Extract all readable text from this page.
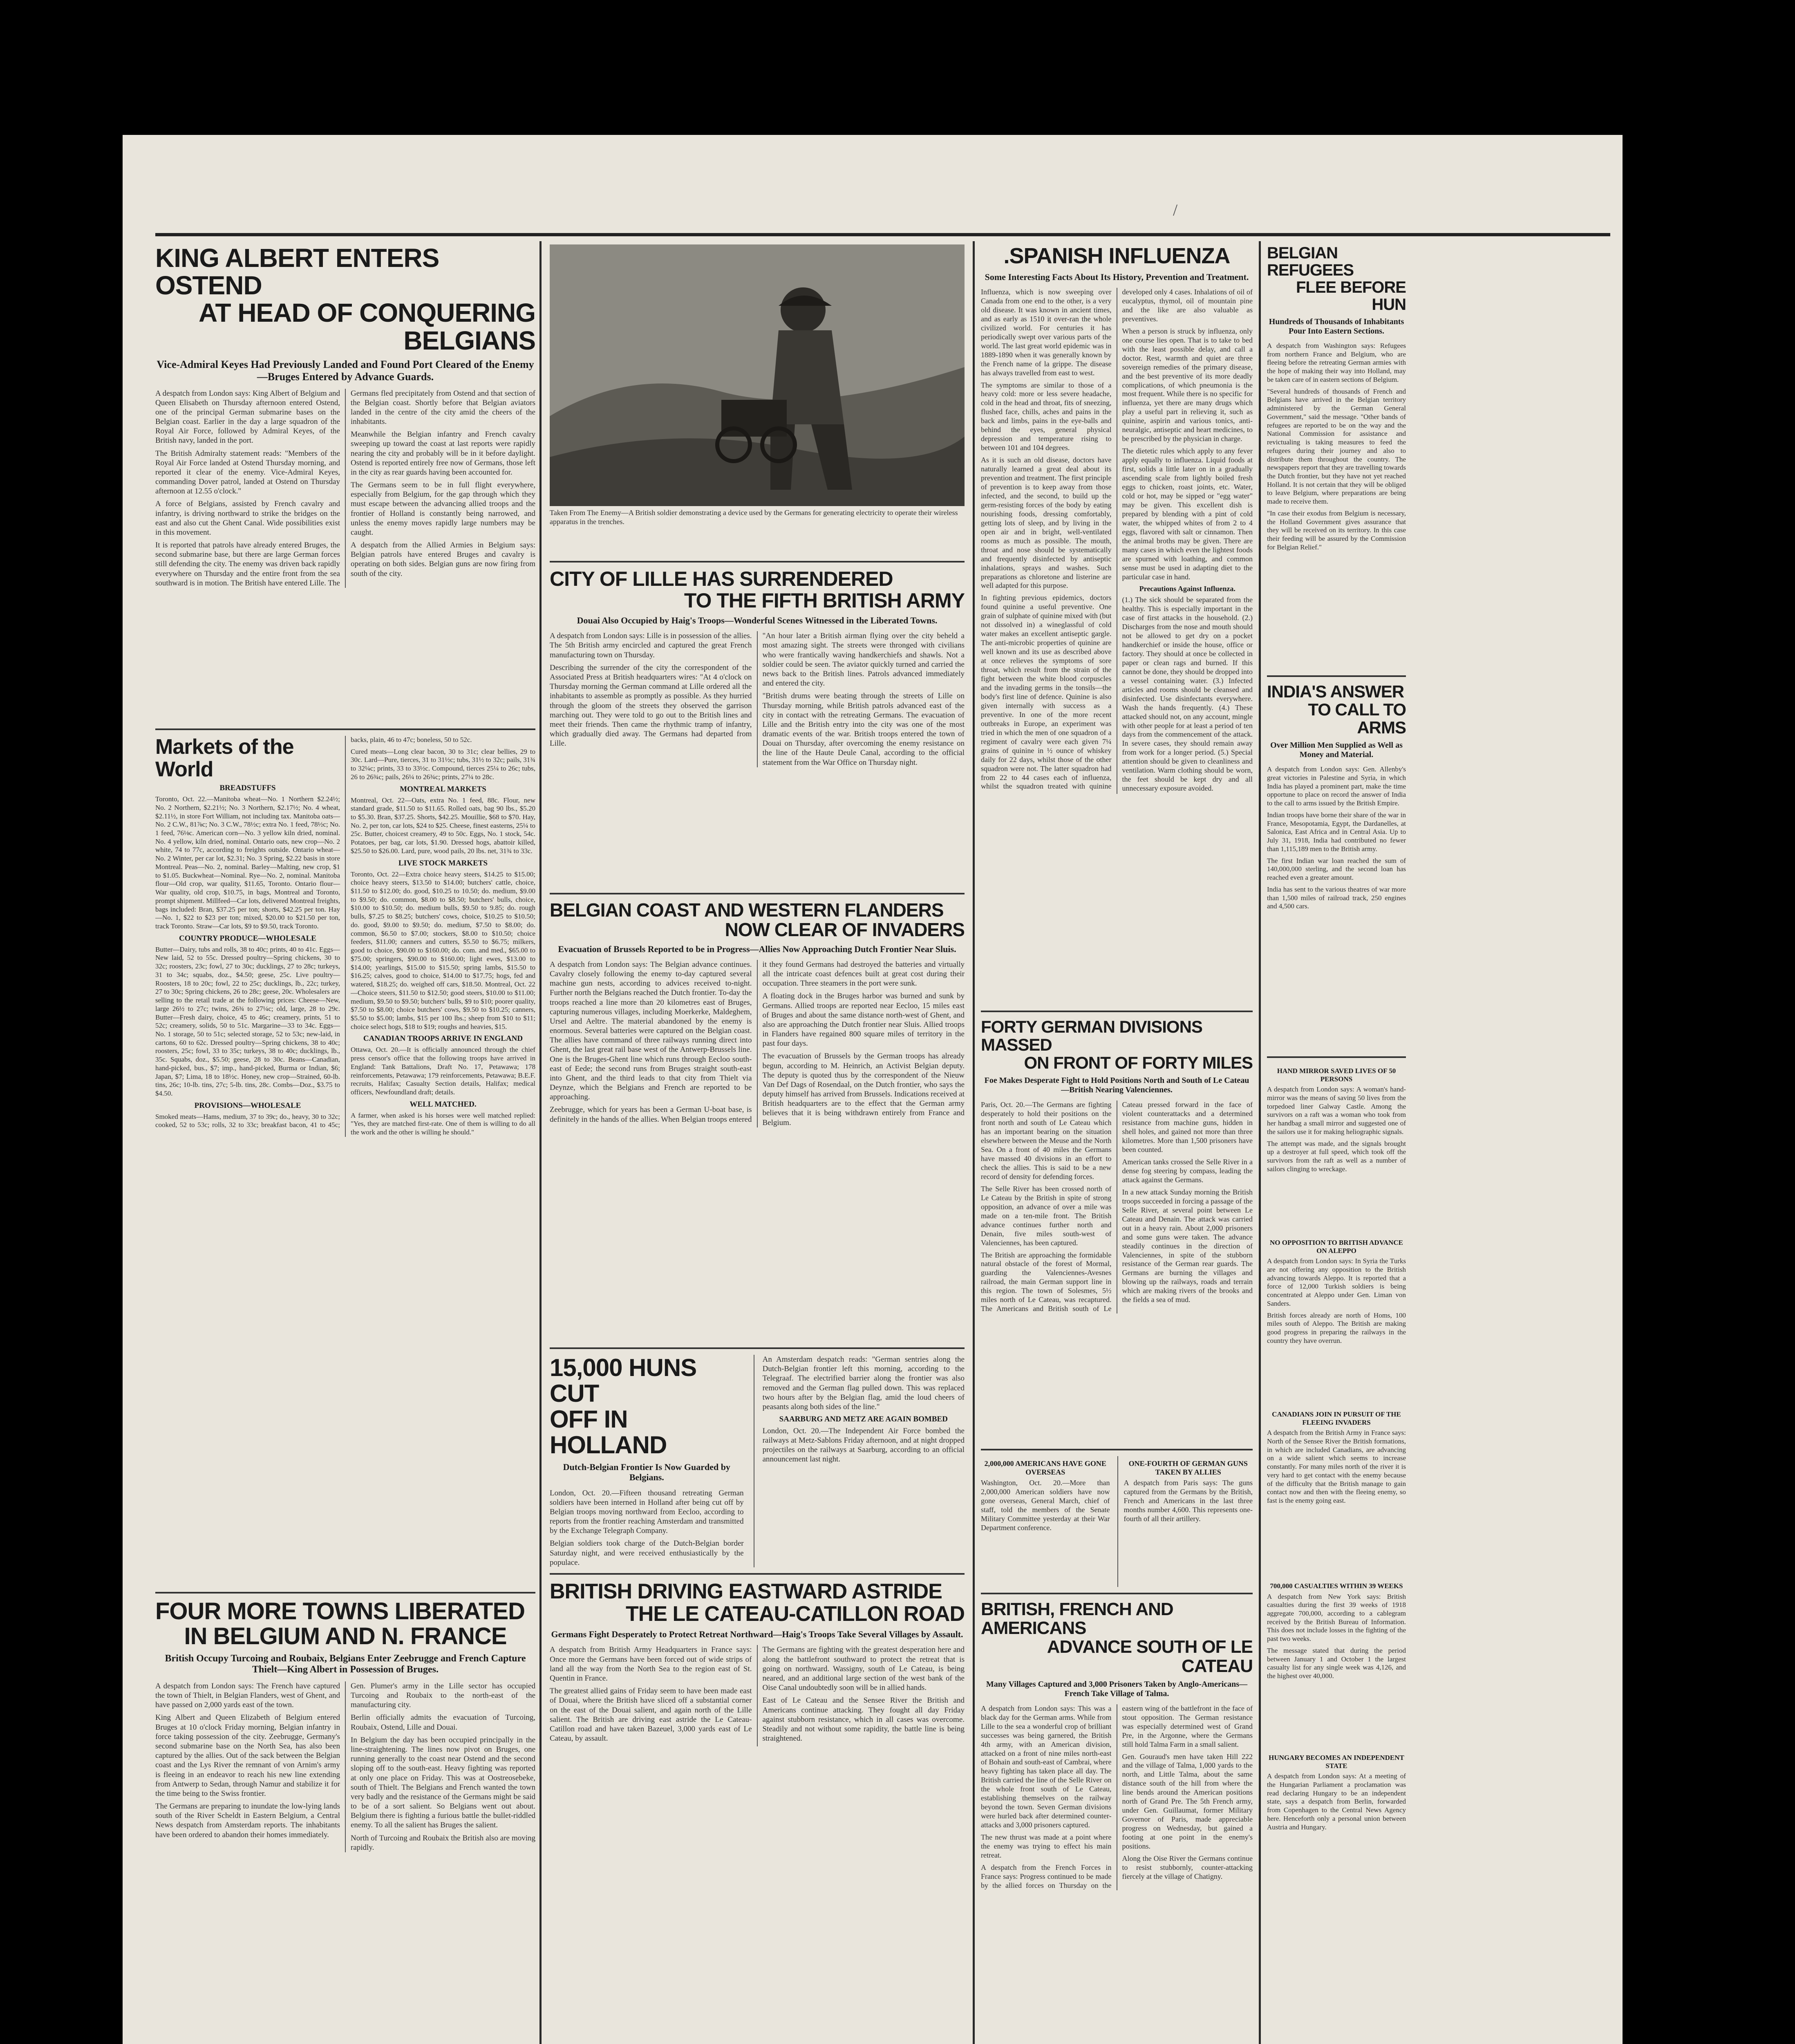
/
KING ALBERT ENTERS OSTEND
AT HEAD OF CONQUERING BELGIANS

Vice-Admiral Keyes Had Previously Landed and Found Port Cleared of the Enemy—Bruges Entered by Advance Guards.

A despatch from London says: King Albert of Belgium and Queen Elisabeth on Thursday afternoon entered Ostend, one of the principal German submarine bases on the Belgian coast. Earlier in the day a large squadron of the Royal Air Force, followed by Admiral Keyes, of the British navy, landed in the port.

The British Admiralty statement reads: "Members of the Royal Air Force landed at Ostend Thursday morning, and reported it clear of the enemy. Vice-Admiral Keyes, commanding Dover patrol, landed at Ostend on Thursday afternoon at 12.55 o'clock."

A force of Belgians, assisted by French cavalry and infantry, is driving northward to strike the bridges on the east and also cut the Ghent Canal. Wide possibilities exist in this movement.

It is reported that patrols have already entered Bruges, the second submarine base, but there are large German forces still defending the city. The enemy was driven back rapidly everywhere on Thursday and the entire front from the sea southward is in motion. The British have entered Lille. The Germans fled precipitately from Ostend and that section of the Belgian coast. Shortly before that Belgian aviators landed in the centre of the city amid the cheers of the inhabitants.

Meanwhile the Belgian infantry and French cavalry sweeping up toward the coast at last reports were rapidly nearing the city and probably will be in it before daylight. Ostend is reported entirely free now of Germans, those left in the city as rear guards having been accounted for.

The Germans seem to be in full flight everywhere, especially from Belgium, for the gap through which they must escape between the advancing allied troops and the frontier of Holland is constantly being narrowed, and unless the enemy moves rapidly large numbers may be caught.

A despatch from the Allied Armies in Belgium says: Belgian patrols have entered Bruges and cavalry is operating on both sides. Belgian guns are now firing from south of the city.

Markets of the World

BREADSTUFFS

Toronto, Oct. 22.—Manitoba wheat—No. 1 Northern $2.24½; No. 2 Northern, $2.21½; No. 3 Northern, $2.17½; No. 4 wheat, $2.11½, in store Fort William, not including tax. Manitoba oats—No. 2 C.W., 81⅞c; No. 3 C.W., 78½c; extra No. 1 feed, 78½c; No. 1 feed, 76⅛c. American corn—No. 3 yellow kiln dried, nominal. No. 4 yellow, kiln dried, nominal. Ontario oats, new crop—No. 2 white, 74 to 77c, according to freights outside. Ontario wheat—No. 2 Winter, per car lot, $2.31; No. 3 Spring, $2.22 basis in store Montreal. Peas—No. 2, nominal. Barley—Malting, new crop, $1 to $1.05. Buckwheat—Nominal. Rye—No. 2, nominal. Manitoba flour—Old crop, war quality, $11.65, Toronto. Ontario flour—War quality, old crop, $10.75, in bags, Montreal and Toronto, prompt shipment. Millfeed—Car lots, delivered Montreal freights, bags included: Bran, $37.25 per ton; shorts, $42.25 per ton. Hay—No. 1, $22 to $23 per ton; mixed, $20.00 to $21.50 per ton, track Toronto. Straw—Car lots, $9 to $9.50, track Toronto.

COUNTRY PRODUCE—WHOLESALE

Butter—Dairy, tubs and rolls, 38 to 40c; prints, 40 to 41c. Eggs—New laid, 52 to 55c. Dressed poultry—Spring chickens, 30 to 32c; roosters, 23c; fowl, 27 to 30c; ducklings, 27 to 28c; turkeys, 31 to 34c; squabs, doz., $4.50; geese, 25c. Live poultry—Roosters, 18 to 20c; fowl, 22 to 25c; ducklings, lb., 22c; turkey, 27 to 30c; Spring chickens, 26 to 28c; geese, 20c. Wholesalers are selling to the retail trade at the following prices: Cheese—New, large 26½ to 27c; twins, 26¾ to 27¼c; old, large, 28 to 29c. Butter—Fresh dairy, choice, 45 to 46c; creamery, prints, 51 to 52c; creamery, solids, 50 to 51c. Margarine—33 to 34c. Eggs—No. 1 storage, 50 to 51c; selected storage, 52 to 53c; new-laid, in cartons, 60 to 62c. Dressed poultry—Spring chickens, 38 to 40c; roosters, 25c; fowl, 33 to 35c; turkeys, 38 to 40c; ducklings, lb., 35c. Squabs, doz., $5.50; geese, 28 to 30c. Beans—Canadian, hand-picked, bus., $7; imp., hand-picked, Burma or Indian, $6; Japan, $7; Lima, 18 to 18½c. Honey, new crop—Strained, 60-lb. tins, 26c; 10-lb. tins, 27c; 5-lb. tins, 28c. Combs—Doz., $3.75 to $4.50.

PROVISIONS—WHOLESALE

Smoked meats—Hams, medium, 37 to 39c; do., heavy, 30 to 32c; cooked, 52 to 53c; rolls, 32 to 33c; breakfast bacon, 41 to 45c; backs, plain, 46 to 47c; boneless, 50 to 52c.

Cured meats—Long clear bacon, 30 to 31c; clear bellies, 29 to 30c. Lard—Pure, tierces, 31 to 31½c; tubs, 31½ to 32c; pails, 31¾ to 32¼c; prints, 33 to 33½c. Compound, tierces 25¼ to 26c; tubs, 26 to 26¾c; pails, 26¼ to 26¾c; prints, 27¼ to 28c.

MONTREAL MARKETS

Montreal, Oct. 22—Oats, extra No. 1 feed, 88c. Flour, new standard grade, $11.50 to $11.65. Rolled oats, bag 90 lbs., $5.20 to $5.30. Bran, $37.25. Shorts, $42.25. Mouillie, $68 to $70. Hay, No. 2, per ton, car lots, $24 to $25. Cheese, finest easterns, 25¼ to 25c. Butter, choicest creamery, 49 to 50c. Eggs, No. 1 stock, 54c. Potatoes, per bag, car lots, $1.90. Dressed hogs, abattoir killed, $25.50 to $26.00. Lard, pure, wood pails, 20 lbs. net, 31¾ to 33c.

LIVE STOCK MARKETS

Toronto, Oct. 22—Extra choice heavy steers, $14.25 to $15.00; choice heavy steers, $13.50 to $14.00; butchers' cattle, choice, $11.50 to $12.00; do. good, $10.25 to 10.50; do. medium, $9.00 to $9.50; do. common, $8.00 to $8.50; butchers' bulls, choice, $10.00 to $10.50; do. medium bulls, $9.50 to 9.85; do. rough bulls, $7.25 to $8.25; butchers' cows, choice, $10.25 to $10.50; do. good, $9.00 to $9.50; do. medium, $7.50 to $8.00; do. common, $6.50 to $7.00; stockers, $8.00 to $10.50; choice feeders, $11.00; canners and cutters, $5.50 to $6.75; milkers, good to choice, $90.00 to $160.00; do. com. and med., $65.00 to $75.00; springers, $90.00 to $160.00; light ewes, $13.00 to $14.00; yearlings, $15.00 to $15.50; spring lambs, $15.50 to $16.25; calves, good to choice, $14.00 to $17.75; hogs, fed and watered, $18.25; do. weighed off cars, $18.50. Montreal, Oct. 22—Choice steers, $11.50 to $12.50; good steers, $10.00 to $11.00; medium, $9.50 to $9.50; butchers' bulls, $9 to $10; poorer quality, $7.50 to $8.00; choice butchers' cows, $9.50 to $10.25; canners, $5.50 to $5.00; lambs, $15 per 100 lbs.; sheep from $10 to $11; choice select hogs, $18 to $19; roughs and heavies, $15.

CANADIAN TROOPS ARRIVE IN ENGLAND

Ottawa, Oct. 20.—It is officially announced through the chief press censor's office that the following troops have arrived in England: Tank Battalions, Draft No. 17, Petawawa; 178 reinforcements, Petawawa; 179 reinforcements, Petawawa; B.E.F. recruits, Halifax; Casualty Section details, Halifax; medical officers, Newfoundland draft; details.

WELL MATCHED.

A farmer, when asked is his horses were well matched replied: "Yes, they are matched first-rate. One of them is willing to do all the work and the other is willing he should."

FOUR MORE TOWNS LIBERATED
IN BELGIUM AND N. FRANCE

British Occupy Turcoing and Roubaix, Belgians Enter Zeebrugge and French Capture Thielt—King Albert in Possession of Bruges.

A despatch from London says: The French have captured the town of Thielt, in Belgian Flanders, west of Ghent, and have passed on 2,000 yards east of the town.

King Albert and Queen Elizabeth of Belgium entered Bruges at 10 o'clock Friday morning, Belgian infantry in force taking possession of the city. Zeebrugge, Germany's second submarine base on the North Sea, has also been captured by the allies. Out of the sack between the Belgian coast and the Lys River the remnant of von Arnim's army is fleeing in an endeavor to reach his new line extending from Antwerp to Sedan, through Namur and stabilize it for the time being to the Swiss frontier.

The Germans are preparing to inundate the low-lying lands south of the River Scheldt in Eastern Belgium, a Central News despatch from Amsterdam reports. The inhabitants have been ordered to abandon their homes immediately.

Gen. Plumer's army in the Lille sector has occupied Turcoing and Roubaix to the north-east of the manufacturing city.

Berlin officially admits the evacuation of Turcoing, Roubaix, Ostend, Lille and Douai.

In Belgium the day has been occupied principally in the line-straightening. The lines now pivot on Bruges, one running generally to the coast near Ostend and the second sloping off to the south-east. Heavy fighting was reported at only one place on Friday. This was at Oostreosebeke, south of Thielt. The Belgians and French wanted the town very badly and the resistance of the Germans might be said to be of a sort salient. So Belgians went out about. Belgium there is fighting a furious battle the bullet-riddled enemy. To all the salient has Bruges the salient.

North of Turcoing and Roubaix the British also are moving rapidly.

Taken From The Enemy—A British soldier demonstrating a device used by the Germans for generating electricity to operate their wireless apparatus in the trenches.

CITY OF LILLE HAS SURRENDERED
TO THE FIFTH BRITISH ARMY

Douai Also Occupied by Haig's Troops—Wonderful Scenes Witnessed in the Liberated Towns.

A despatch from London says: Lille is in possession of the allies. The 5th British army encircled and captured the great French manufacturing town on Thursday.

Describing the surrender of the city the correspondent of the Associated Press at British headquarters wires: "At 4 o'clock on Thursday morning the German command at Lille ordered all the inhabitants to assemble as promptly as possible. As they hurried through the gloom of the streets they observed the garrison marching out. They were told to go out to the British lines and meet their friends. Then came the rhythmic tramp of infantry, which gradually died away. The Germans had departed from Lille.

"An hour later a British airman flying over the city beheld a most amazing sight. The streets were thronged with civilians who were frantically waving handkerchiefs and shawls. Not a soldier could be seen. The aviator quickly turned and carried the news back to the British lines. Patrols advanced immediately and entered the city.

"British drums were beating through the streets of Lille on Thursday morning, while British patrols advanced east of the city in contact with the retreating Germans. The evacuation of Lille and the British entry into the city was one of the most dramatic events of the war. British troops entered the town of Douai on Thursday, after overcoming the enemy resistance on the line of the Haute Deule Canal, according to the official statement from the War Office on Thursday night.

BELGIAN COAST AND WESTERN FLANDERS
NOW CLEAR OF INVADERS

Evacuation of Brussels Reported to be in Progress—Allies Now Approaching Dutch Frontier Near Sluis.

A despatch from London says: The Belgian advance continues. Cavalry closely following the enemy to-day captured several machine gun nests, according to advices received to-night. Further north the Belgians reached the Dutch frontier. To-day the troops reached a line more than 20 kilometres east of Bruges, capturing numerous villages, including Moerkerke, Maldeghem, Ursel and Aeltre. The material abandoned by the enemy is enormous. Several batteries were captured on the Belgian coast. The allies have command of three railways running direct into Ghent, the last great rail base west of the Antwerp-Brussels line. One is the Bruges-Ghent line which runs through Eecloo south-east of Eede; the second runs from Bruges straight south-east into Ghent, and the third leads to that city from Thielt via Deynze, which the Belgians and French are reported to be approaching.

Zeebrugge, which for years has been a German U-boat base, is definitely in the hands of the allies. When Belgian troops entered it they found Germans had destroyed the batteries and virtually all the intricate coast defences built at great cost during their occupation. Three steamers in the port were sunk.

A floating dock in the Bruges harbor was burned and sunk by Germans. Allied troops are reported near Eecloo, 15 miles east of Bruges and about the same distance north-west of Ghent, and also are approaching the Dutch frontier near Sluis. Allied troops in Flanders have regained 800 square miles of territory in the past four days.

The evacuation of Brussels by the German troops has already begun, according to M. Heinrich, an Activist Belgian deputy. The deputy is quoted thus by the correspondent of the Nieuw Van Def Dags of Rosendaal, on the Dutch frontier, who says the deputy himself has arrived from Brussels. Indications received at British headquarters are to the effect that the German army believes that it is being withdrawn entirely from France and Belgium.

15,000 HUNS CUT
OFF IN HOLLAND

Dutch-Belgian Frontier Is Now Guarded by Belgians.

London, Oct. 20.—Fifteen thousand retreating German soldiers have been interned in Holland after being cut off by Belgian troops moving northward from Eecloo, according to reports from the frontier reaching Amsterdam and transmitted by the Exchange Telegraph Company.

Belgian soldiers took charge of the Dutch-Belgian border Saturday night, and were received enthusiastically by the populace.

An Amsterdam despatch reads: "German sentries along the Dutch-Belgian frontier left this morning, according to the Telegraaf. The electrified barrier along the frontier was also removed and the German flag pulled down. This was replaced two hours after by the Belgian flag, amid the loud cheers of peasants along both sides of the line."

SAARBURG AND METZ ARE AGAIN BOMBED

London, Oct. 20.—The Independent Air Force bombed the railways at Metz-Sablons Friday afternoon, and at night dropped projectiles on the railways at Saarburg, according to an official announcement last night.

BRITISH DRIVING EASTWARD ASTRIDE
THE LE CATEAU-CATILLON ROAD

Germans Fight Desperately to Protect Retreat Northward—Haig's Troops Take Several Villages by Assault.

A despatch from British Army Headquarters in France says: Once more the Germans have been forced out of wide strips of land all the way from the North Sea to the region east of St. Quentin in France.

The greatest allied gains of Friday seem to have been made east of Douai, where the British have sliced off a substantial corner on the east of the Douai salient, and again north of the Lille salient. The British are driving east astride the Le Cateau-Catillon road and have taken Bazeuel, 3,000 yards east of Le Cateau, by assault.

The Germans are fighting with the greatest desperation here and along the battlefront southward to protect the retreat that is going on northward. Wassigny, south of Le Cateau, is being neared, and an additional large section of the west bank of the Oise Canal undoubtedly soon will be in allied hands.

East of Le Cateau and the Sensee River the British and Americans continue attacking. They fought all day Friday against stubborn resistance, which in all cases was overcome. Steadily and not without some rapidity, the battle line is being straightened.

.SPANISH INFLUENZA

Some Interesting Facts About Its History, Prevention and Treatment.

Influenza, which is now sweeping over Canada from one end to the other, is a very old disease. It was known in ancient times, and as early as 1510 it over-ran the whole civilized world. For centuries it has periodically swept over various parts of the world. The last great world epidemic was in 1889-1890 when it was generally known by the French name of la grippe. The disease has always travelled from east to west.

The symptoms are similar to those of a heavy cold: more or less severe headache, cold in the head and throat, fits of sneezing, flushed face, chills, aches and pains in the back and limbs, pains in the eye-balls and behind the eyes, general physical depression and temperature rising to between 101 and 104 degrees.

As it is such an old disease, doctors have naturally learned a great deal about its prevention and treatment. The first principle of prevention is to keep away from those infected, and the second, to build up the germ-resisting forces of the body by eating nourishing foods, dressing comfortably, getting lots of sleep, and by living in the open air and in bright, well-ventilated rooms as much as possible. The mouth, throat and nose should be systematically and frequently disinfected by antiseptic inhalations, sprays and washes. Such preparations as chloretone and listerine are well adapted for this purpose.

In fighting previous epidemics, doctors found quinine a useful preventive. One grain of sulphate of quinine mixed with (but not dissolved in) a wineglassful of cold water makes an excellent antiseptic gargle. The anti-microbic properties of quinine are well known and its use as described above at once relieves the symptoms of sore throat, which result from the strain of the fight between the white blood corpuscles and the invading germs in the tonsils—the body's first line of defence. Quinine is also given internally with success as a preventive. In one of the more recent outbreaks in Europe, an experiment was tried in which the men of one squadron of a regiment of cavalry were each given 7¼ grains of quinine in ½ ounce of whiskey daily for 22 days, whilst those of the other squadron were not. The latter squadron had from 22 to 44 cases each of influenza, whilst the squadron treated with quinine developed only 4 cases. Inhalations of oil of eucalyptus, thymol, oil of mountain pine and the like are also valuable as preventives.

When a person is struck by influenza, only one course lies open. That is to take to bed with the least possible delay, and call a doctor. Rest, warmth and quiet are three sovereign remedies of the primary disease, and the best preventive of its more deadly complications, of which pneumonia is the most frequent. While there is no specific for influenza, yet there are many drugs which play a useful part in relieving it, such as quinine, aspirin and various tonics, anti-neuralgic, antiseptic and heart medicines, to be prescribed by the physician in charge.

The dietetic rules which apply to any fever apply equally to influenza. Liquid foods at first, solids a little later on in a gradually ascending scale from lightly boiled fresh eggs to chicken, roast joints, etc. Water, cold or hot, may be sipped or "egg water" may be given. This excellent dish is prepared by blending with a pint of cold water, the whipped whites of from 2 to 4 eggs, flavored with salt or cinnamon. Then the animal broths may be given. There are many cases in which even the lightest foods are spurned with loathing, and common sense must be used in adapting diet to the particular case in hand.

Precautions Against Influenza.

(1.) The sick should be separated from the healthy. This is especially important in the case of first attacks in the household. (2.) Discharges from the nose and mouth should not be allowed to get dry on a pocket handkerchief or inside the house, office or factory. They should at once be collected in paper or clean rags and burned. If this cannot be done, they should be dropped into a vessel containing water. (3.) Infected articles and rooms should be cleansed and disinfected. Use disinfectants everywhere. Wash the hands frequently. (4.) These attacked should not, on any account, mingle with other people for at least a period of ten days from the commencement of the attack. In severe cases, they should remain away from work for a longer period. (5.) Special attention should be given to cleanliness and ventilation. Warm clothing should be worn, the feet should be kept dry and all unnecessary exposure avoided.

FORTY GERMAN DIVISIONS MASSED
ON FRONT OF FORTY MILES

Foe Makes Desperate Fight to Hold Positions North and South of Le Cateau—British Nearing Valenciennes.

Paris, Oct. 20.—The Germans are fighting desperately to hold their positions on the front north and south of Le Cateau which has an important bearing on the situation elsewhere between the Meuse and the North Sea. On a front of 40 miles the Germans have massed 40 divisions in an effort to check the allies. This is said to be a new record of density for defending forces.

The Selle River has been crossed north of Le Cateau by the British in spite of strong opposition, an advance of over a mile was made on a ten-mile front. The British advance continues further north and Denain, five miles south-west of Valenciennes, has been captured.

The British are approaching the formidable natural obstacle of the forest of Mormal, guarding the Valenciennes-Avesnes railroad, the main German support line in this region. The town of Solesmes, 5½ miles north of Le Cateau, was recaptured. The Americans and British south of Le Cateau pressed forward in the face of violent counterattacks and a determined resistance from machine guns, hidden in shell holes, and gained not more than three kilometres. More than 1,500 prisoners have been counted.

American tanks crossed the Selle River in a dense fog steering by compass, leading the attack against the Germans.

In a new attack Sunday morning the British troops succeeded in forcing a passage of the Selle River, at several point between Le Cateau and Denain. The attack was carried out in a heavy rain. About 2,000 prisoners and some guns were taken. The advance steadily continues in the direction of Valenciennes, in spite of the stubborn resistance of the German rear guards. The Germans are burning the villages and blowing up the railways, roads and terrain which are making rivers of the brooks and the fields a sea of mud.

2,000,000 AMERICANS HAVE GONE OVERSEAS

Washington, Oct. 20.—More than 2,000,000 American soldiers have now gone overseas, General March, chief of staff, told the members of the Senate Military Committee yesterday at their War Department conference.

ONE-FOURTH OF GERMAN GUNS TAKEN BY ALLIES

A despatch from Paris says: The guns captured from the Germans by the British, French and Americans in the last three months number 4,600. This represents one-fourth of all their artillery.

BRITISH, FRENCH AND AMERICANS
ADVANCE SOUTH OF LE CATEAU

Many Villages Captured and 3,000 Prisoners Taken by Anglo-Americans—French Take Village of Talma.

A despatch from London says: This was a black day for the German arms. While from Lille to the sea a wonderful crop of brilliant successes was being garnered, the British 4th army, with an American division, attacked on a front of nine miles north-east of Bohain and south-east of Cambrai, where heavy fighting has taken place all day. The British carried the line of the Selle River on the whole front south of Le Cateau, establishing themselves on the railway beyond the town. Seven German divisions were hurled back after determined counter-attacks and 3,000 prisoners captured.

The new thrust was made at a point where the enemy was trying to effect his main retreat.

A despatch from the French Forces in France says: Progress continued to be made by the allied forces on Thursday on the eastern wing of the battlefront in the face of stout opposition. The German resistance was especially determined west of Grand Pre, in the Argonne, where the Germans still hold Talma Farm in a small salient.

Gen. Gouraud's men have taken Hill 222 and the village of Talma, 1,000 yards to the north, and Little Talma, about the same distance south of the hill from where the line bends around the American positions north of Grand Pre. The 5th French army, under Gen. Guillaumat, former Military Governor of Paris, made appreciable progress on Wednesday, but gained a footing at one point in the enemy's positions.

Along the Oise River the Germans continue to resist stubbornly, counter-attacking fiercely at the village of Chatigny.

BELGIAN REFUGEES
FLEE BEFORE HUN

Hundreds of Thousands of Inhabitants Pour Into Eastern Sections.

A despatch from Washington says: Refugees from northern France and Belgium, who are fleeing before the retreating German armies with the hope of making their way into Holland, may be taken care of in eastern sections of Belgium.

"Several hundreds of thousands of French and Belgians have arrived in the Belgian territory administered by the German General Government," said the message. "Other bands of refugees are reported to be on the way and the National Commission for assistance and revictualing is taking measures to feed the refugees during their journey and also to distribute them throughout the country. The newspapers report that they are travelling towards the Dutch frontier, but they have not yet reached Holland. It is not certain that they will be obliged to leave Belgium, where preparations are being made to receive them.

"In case their exodus from Belgium is necessary, the Holland Government gives assurance that they will be received on its territory. In this case their feeding will be assured by the Commission for Belgian Relief."

INDIA'S ANSWER
TO CALL TO ARMS

Over Million Men Supplied as Well as Money and Material.

A despatch from London says: Gen. Allenby's great victories in Palestine and Syria, in which India has played a prominent part, make the time opportune to place on record the answer of India to the call to arms issued by the British Empire.

Indian troops have borne their share of the war in France, Mesopotamia, Egypt, the Dardanelles, at Salonica, East Africa and in Central Asia. Up to July 31, 1918, India had contributed no fewer than 1,115,189 men to the British army.

The first Indian war loan reached the sum of 140,000,000 sterling, and the second loan has reached even a greater amount.

India has sent to the various theatres of war more than 1,500 miles of railroad track, 250 engines and 4,500 cars.

HAND MIRROR SAVED LIVES OF 50 PERSONS

A despatch from London says: A woman's hand-mirror was the means of saving 50 lives from the torpedoed liner Galway Castle. Among the survivors on a raft was a woman who took from her handbag a small mirror and suggested one of the sailors use it for making heliographic signals.

The attempt was made, and the signals brought up a destroyer at full speed, which took off the survivors from the raft as well as a number of sailors clinging to wreckage.

NO OPPOSITION TO BRITISH ADVANCE ON ALEPPO

A despatch from London says: In Syria the Turks are not offering any opposition to the British advancing towards Aleppo. It is reported that a force of 12,000 Turkish soldiers is being concentrated at Aleppo under Gen. Liman von Sanders.

British forces already are north of Homs, 100 miles south of Aleppo. The British are making good progress in preparing the railways in the country they have overrun.

CANADIANS JOIN IN PURSUIT OF THE FLEEING INVADERS

A despatch from the British Army in France says: North of the Sensee River the British formations, in which are included Canadians, are advancing on a wide salient which seems to increase constantly. For many miles north of the river it is very hard to get contact with the enemy because of the difficulty that the British manage to gain contact now and then with the fleeing enemy, so fast is the enemy going east.

700,000 CASUALTIES WITHIN 39 WEEKS

A despatch from New York says: British casualties during the first 39 weeks of 1918 aggregate 700,000, according to a cablegram received by the British Bureau of Information. This does not include losses in the fighting of the past two weeks.

The message stated that during the period between January 1 and October 1 the largest casualty list for any single week was 4,126, and the highest over 40,000.

HUNGARY BECOMES AN INDEPENDENT STATE

A despatch from London says: At a meeting of the Hungarian Parliament a proclamation was read declaring Hungary to be an independent state, says a despatch from Berlin, forwarded from Copenhagen to the Central News Agency here. Henceforth only a personal union between Austria and Hungary.
